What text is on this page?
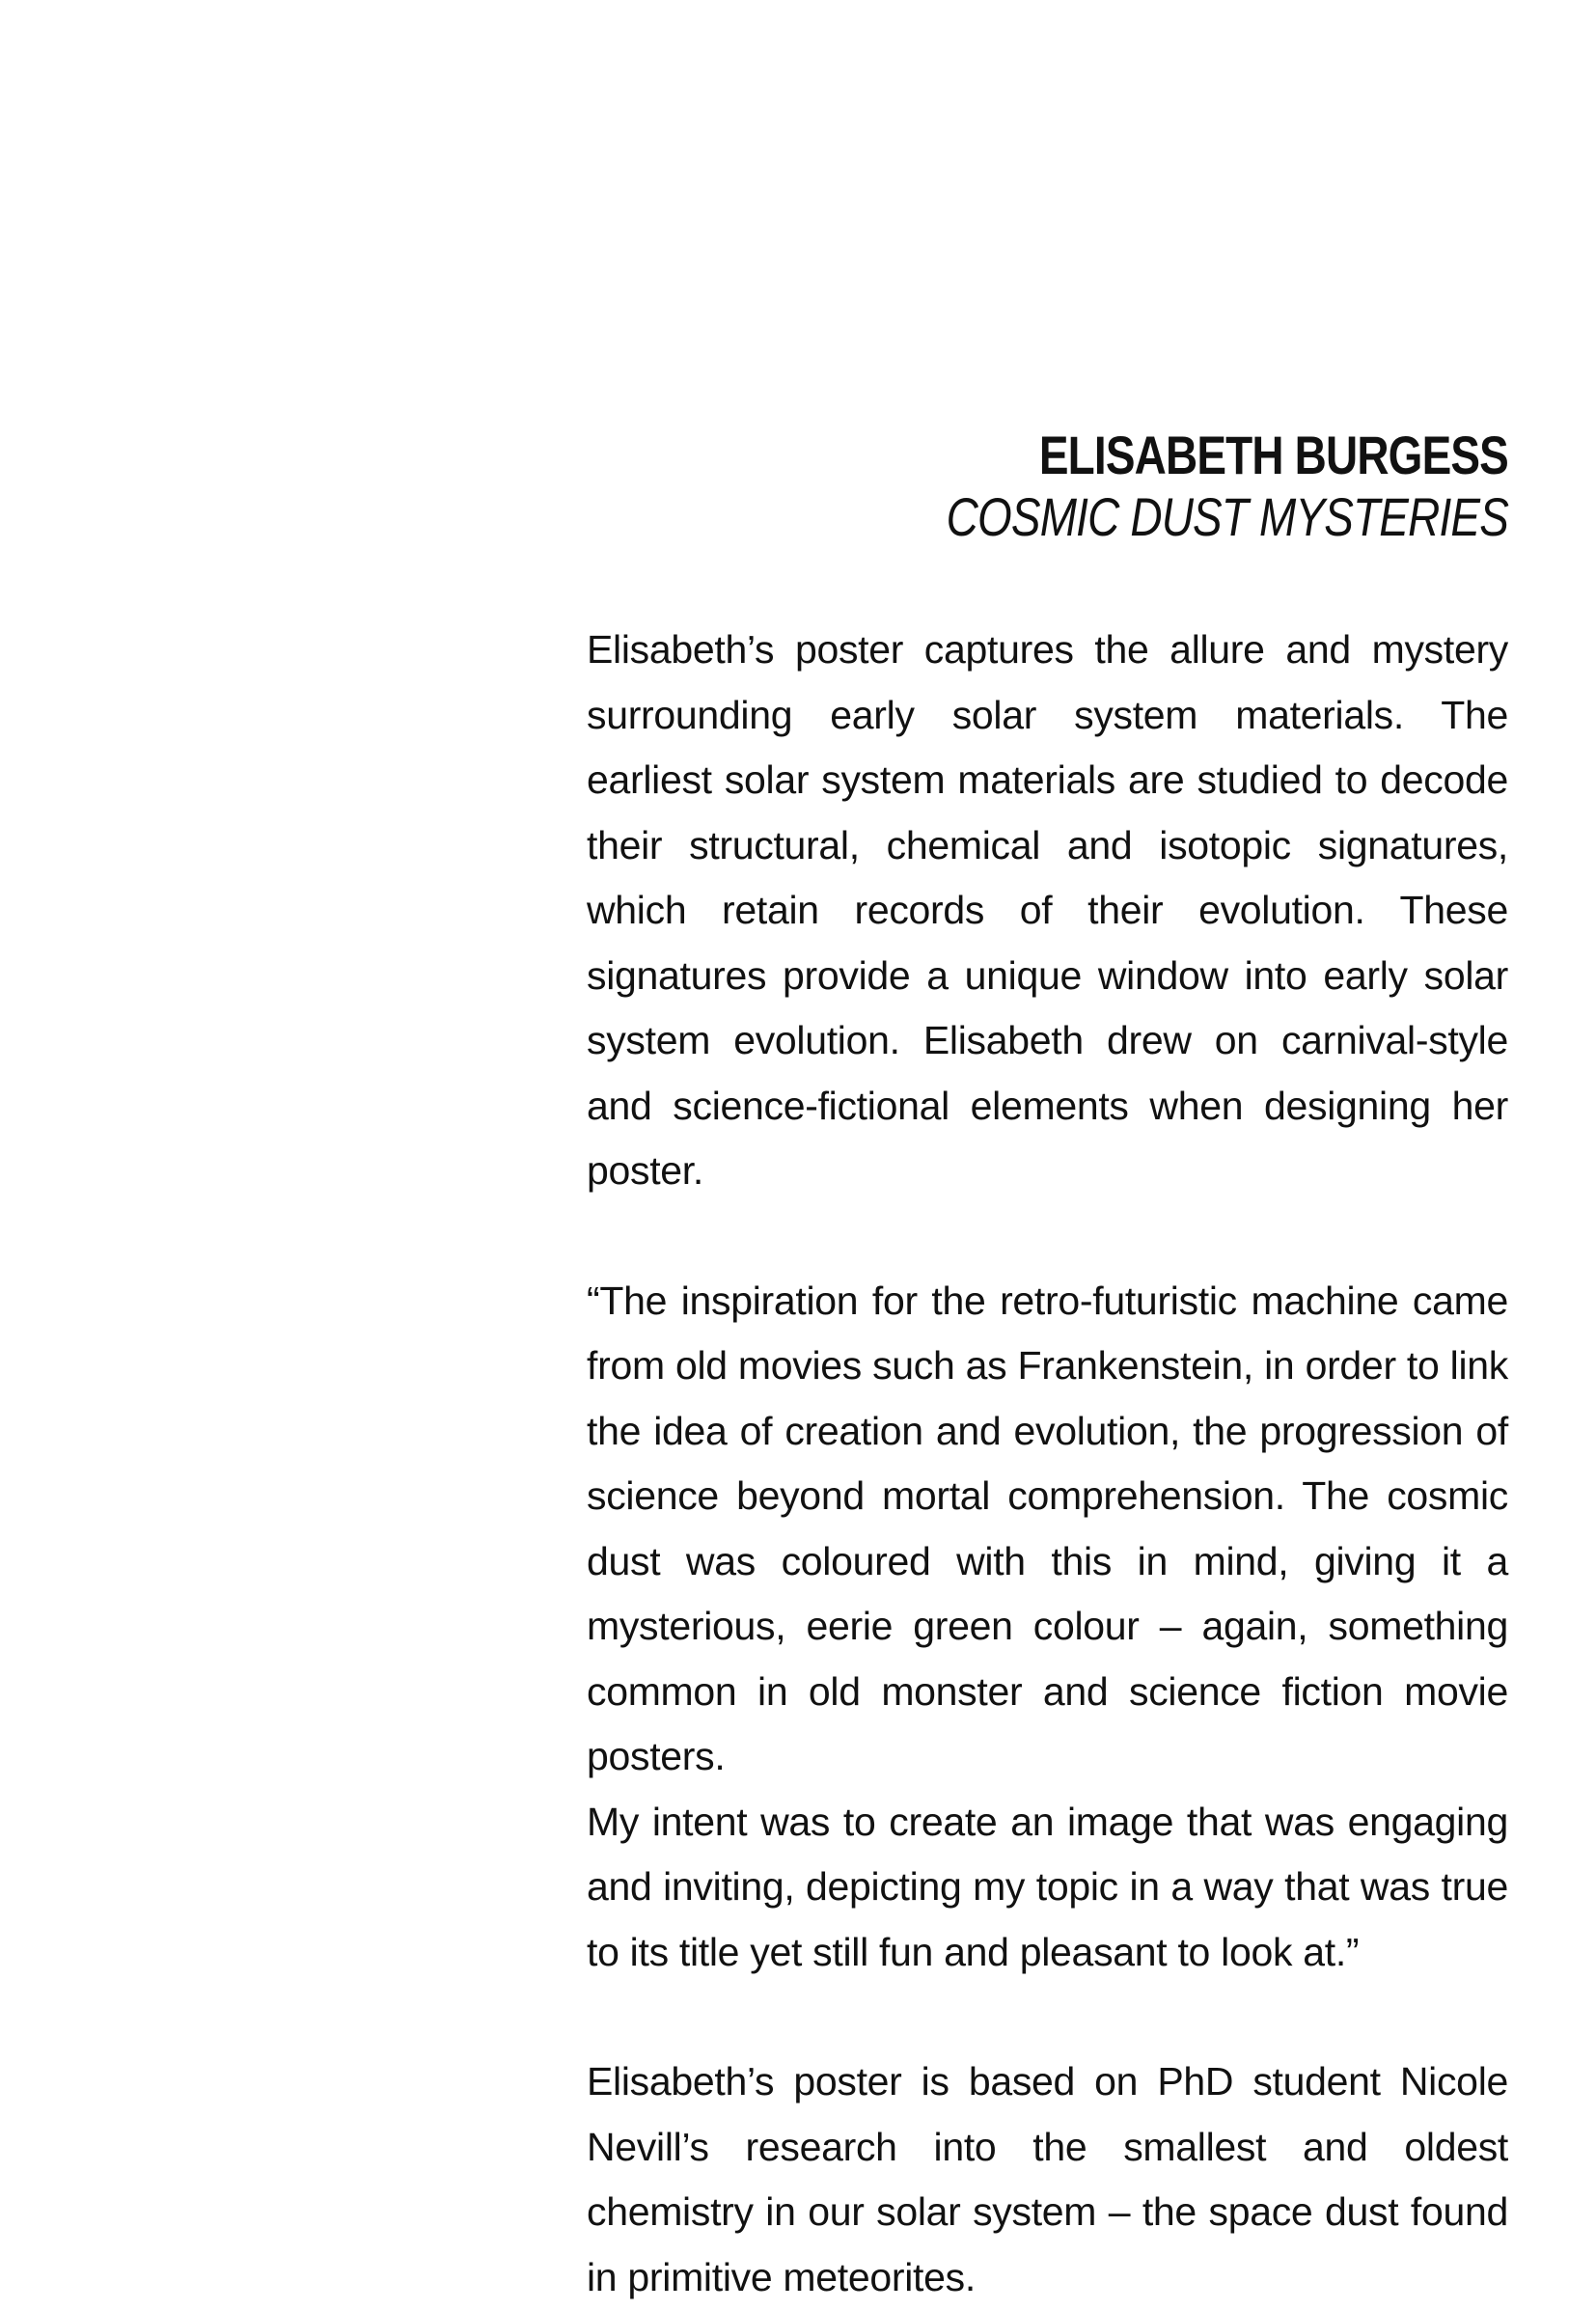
ELISABETH BURGESS

COSMIC DUST MYSTERIES

Elisabeth’s poster captures the allure and mystery surrounding early solar system materials. The earliest solar system materials are studied to decode their structural, chemical and isotopic signatures, which retain records of their evolution. These signatures provide a unique window into early solar system evolution. Elisabeth drew on carnival-style and science-fictional elements when designing her poster.

“The inspiration for the retro-futuristic machine came from old movies such as Frankenstein, in order to link the idea of creation and evolution, the progression of science beyond mortal comprehension. The cosmic dust was coloured with this in mind, giving it a mysterious, eerie green colour – again, something common in old monster and science fiction movie posters.

My intent was to create an image that was engaging and inviting, depicting my topic in a way that was true to its title yet still fun and pleasant to look at.”

Elisabeth’s poster is based on PhD student Nicole Nevill’s research into the smallest and oldest chemistry in our solar system – the space dust found in primitive meteorites.
